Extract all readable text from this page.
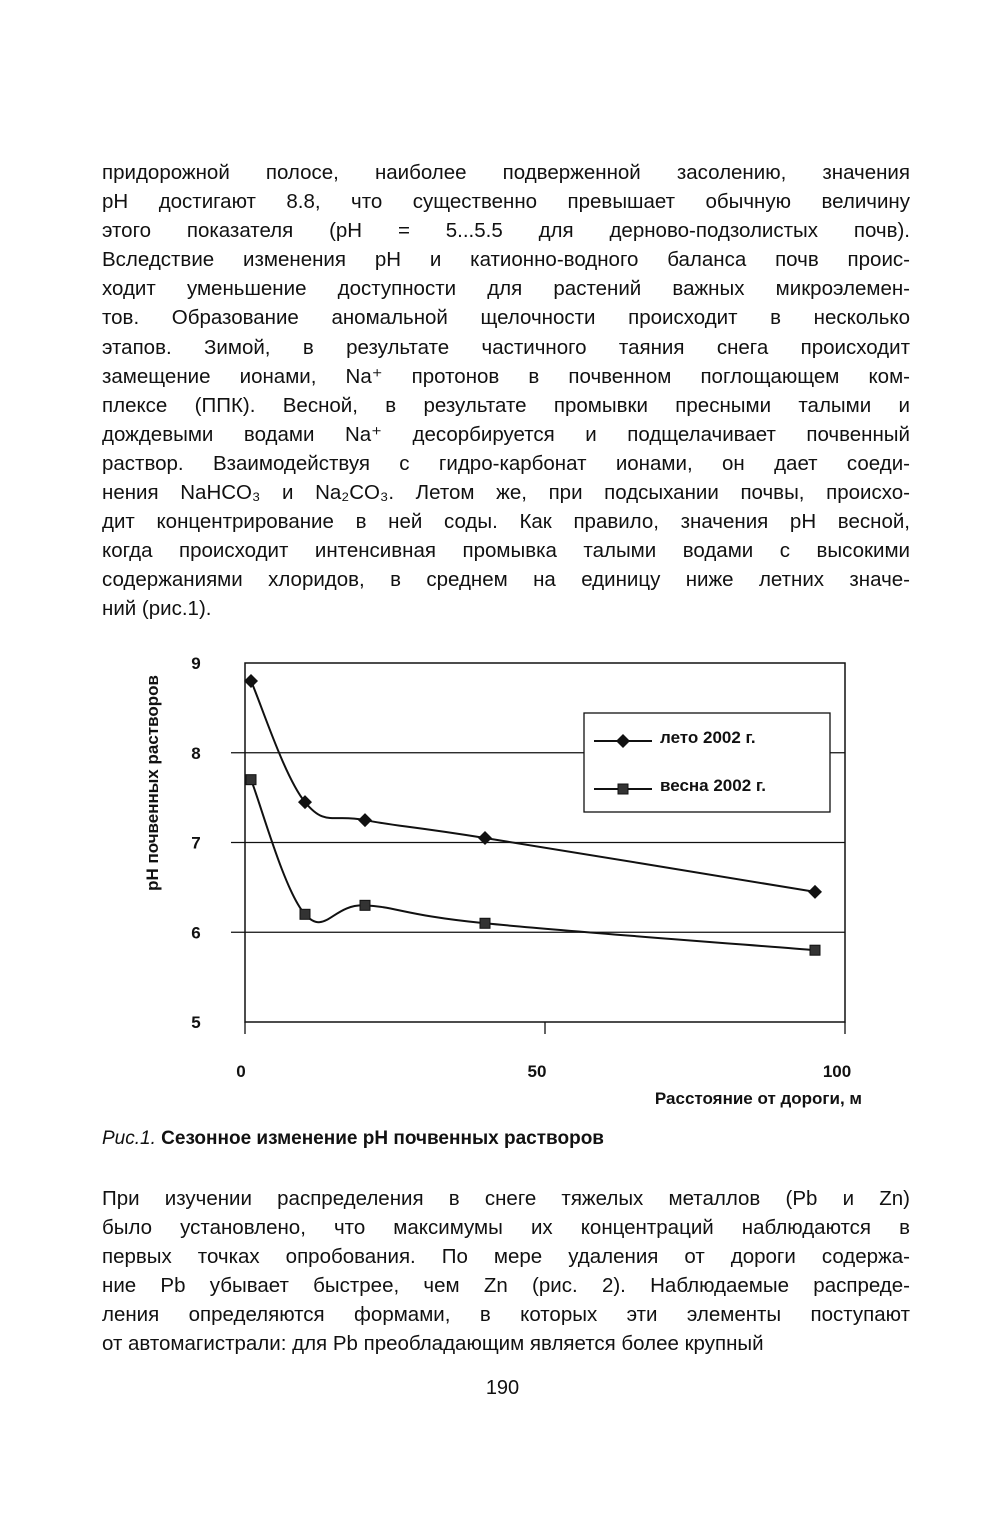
придорожной полосе, наиболее подверженной засолению, значения
pH достигают 8.8, что существенно превышает обычную величину
этого показателя (pH = 5...5.5 для дерново-подзолистых почв).
Вследствие изменения pH и катионно-водного баланса почв проис-
ходит уменьшение доступности для растений важных микроэлемен-
тов. Образование аномальной щелочности происходит в несколько
этапов. Зимой, в результате частичного таяния снега происходит
замещение ионами, Na⁺ протонов в почвенном поглощающем ком-
плексе (ППК). Весной, в результате промывки пресными талыми и
дождевыми водами Na⁺ десорбируется и подщелачивает почвенный
раствор. Взаимодействуя с гидро-карбонат ионами, он дает соеди-
нения NaHCO₃ и Na₂CO₃. Летом же, при подсыхании почвы, происхо-
дит концентрирование в ней соды. Как правило, значения pH весной,
когда происходит интенсивная промывка талыми водами с высокими
содержаниями хлоридов, в среднем на единицу ниже летних значе-
ний (рис.1).
5
6
7
8
9
0	50	100
pH почвенных растворов
Расстояние от дороги, м
лето 2002 г.
весна 2002 г.
Рис.1. Сезонное изменение pH почвенных растворов
При изучении распределения в снеге тяжелых металлов (Pb и Zn)
было установлено, что максимумы их концентраций наблюдаются в
первых точках опробования. По мере удаления от дороги содержа-
ние Pb убывает быстрее, чем Zn (рис. 2). Наблюдаемые распреде-
ления определяются формами, в которых эти элементы поступают
от автомагистрали: для Pb преобладающим является более крупный
190
